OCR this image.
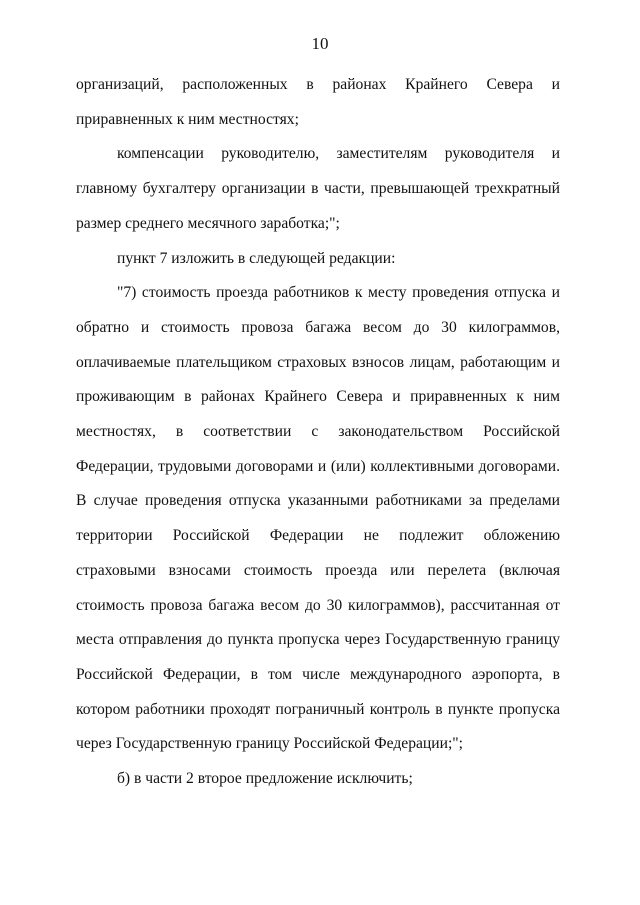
10

организаций, расположенных в районах Крайнего Севера и приравненных к ним местностях;

компенсации руководителю, заместителям руководителя и главному бухгалтеру организации в части, превышающей трехкратный размер среднего месячного заработка;";

пункт 7 изложить в следующей редакции:

"7) стоимость проезда работников к месту проведения отпуска и обратно и стоимость провоза багажа весом до 30 килограммов, оплачиваемые плательщиком страховых взносов лицам, работающим и проживающим в районах Крайнего Севера и приравненных к ним местностях, в соответствии с законодательством Российской Федерации, трудовыми договорами и (или) коллективными договорами. В случае проведения отпуска указанными работниками за пределами территории Российской Федерации не подлежит обложению страховыми взносами стоимость проезда или перелета (включая стоимость провоза багажа весом до 30 килограммов), рассчитанная от места отправления до пункта пропуска через Государственную границу Российской Федерации, в том числе международного аэропорта, в котором работники проходят пограничный контроль в пункте пропуска через Государственную границу Российской Федерации;";

б) в части 2 второе предложение исключить;
